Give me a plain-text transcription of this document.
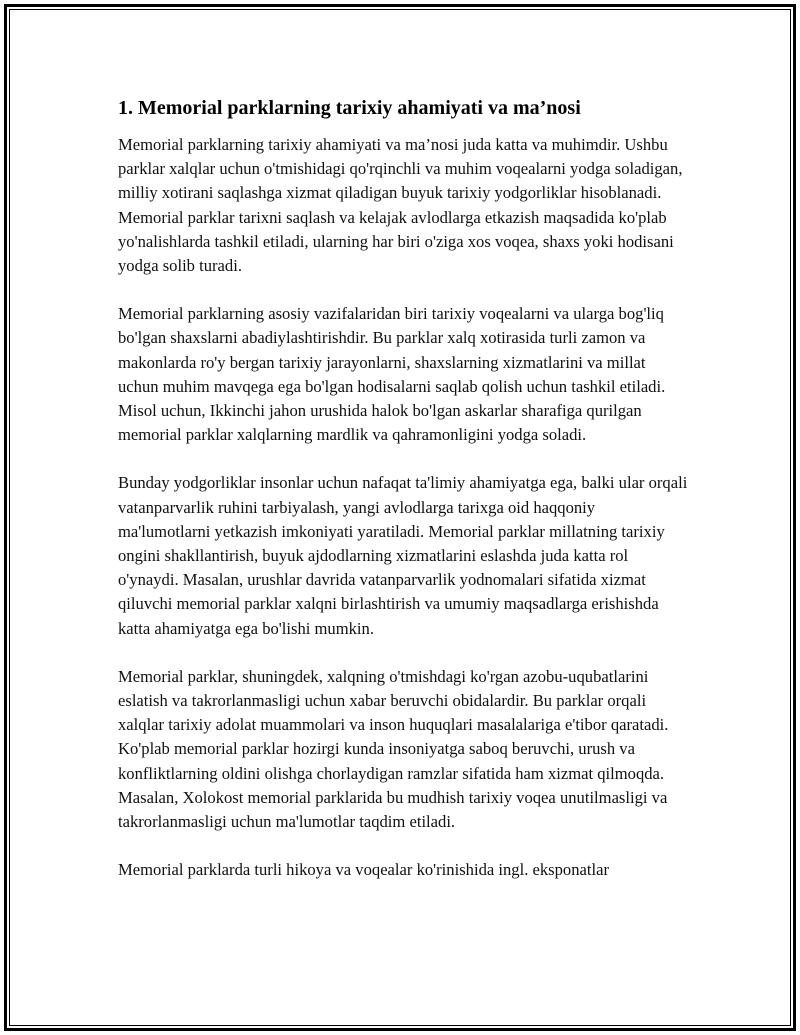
1. Memorial parklarning tarixiy ahamiyati va ma’nosi

Memorial parklarning tarixiy ahamiyati va ma’nosi juda katta va muhimdir. Ushbu parklar xalqlar uchun o'tmishidagi qo'rqinchli va muhim voqealarni yodga soladigan, milliy xotirani saqlashga xizmat qiladigan buyuk tarixiy yodgorliklar hisoblanadi. Memorial parklar tarixni saqlash va kelajak avlodlarga etkazish maqsadida ko'plab yo'nalishlarda tashkil etiladi, ularning har biri o'ziga xos voqea, shaxs yoki hodisani yodga solib turadi.

Memorial parklarning asosiy vazifalaridan biri tarixiy voqealarni va ularga bog'liq bo'lgan shaxslarni abadiylashtirishdir. Bu parklar xalq xotirasida turli zamon va makonlarda ro'y bergan tarixiy jarayonlarni, shaxslarning xizmatlarini va millat uchun muhim mavqega ega bo'lgan hodisalarni saqlab qolish uchun tashkil etiladi. Misol uchun, Ikkinchi jahon urushida halok bo'lgan askarlar sharafiga qurilgan memorial parklar xalqlarning mardlik va qahramonligini yodga soladi.

Bunday yodgorliklar insonlar uchun nafaqat ta'limiy ahamiyatga ega, balki ular orqali vatanparvarlik ruhini tarbiyalash, yangi avlodlarga tarixga oid haqqoniy ma'lumotlarni yetkazish imkoniyati yaratiladi. Memorial parklar millatning tarixiy ongini shakllantirish, buyuk ajdodlarning xizmatlarini eslashda juda katta rol o'ynaydi. Masalan, urushlar davrida vatanparvarlik yodnomalari sifatida xizmat qiluvchi memorial parklar xalqni birlashtirish va umumiy maqsadlarga erishishda katta ahamiyatga ega bo'lishi mumkin.

Memorial parklar, shuningdek, xalqning o'tmishdagi ko'rgan azobu-uqubatlarini eslatish va takrorlanmasligi uchun xabar beruvchi obidalardir. Bu parklar orqali xalqlar tarixiy adolat muammolari va inson huquqlari masalalariga e'tibor qaratadi. Ko'plab memorial parklar hozirgi kunda insoniyatga saboq beruvchi, urush va konfliktlarning oldini olishga chorlaydigan ramzlar sifatida ham xizmat qilmoqda. Masalan, Xolokost memorial parklarida bu mudhish tarixiy voqea unutilmasligi va takrorlanmasligi uchun ma'lumotlar taqdim etiladi.

Memorial parklarda turli hikoya va voqealar ko'rinishida ingl. eksponatlar
